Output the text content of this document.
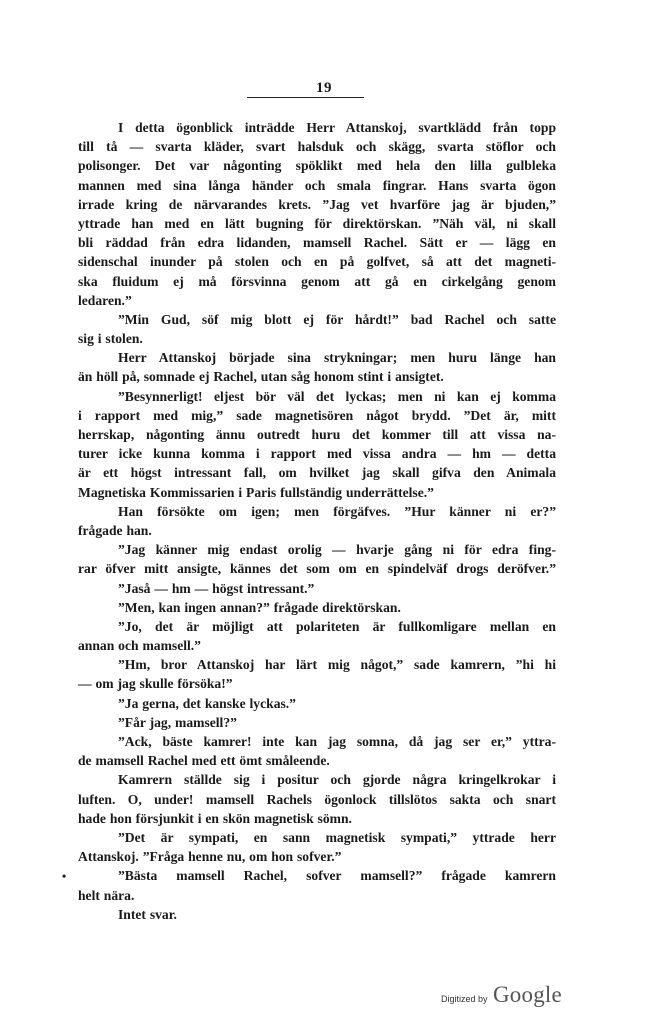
19
I detta ögonblick inträdde Herr Attanskoj, svartklädd från topp
till tå — svarta kläder, svart halsduk och skägg, svarta stöflor och
polisonger. Det var någonting spöklikt med hela den lilla gulbleka
mannen med sina långa händer och smala fingrar. Hans svarta ögon
irrade kring de närvarandes krets. ”Jag vet hvarföre jag är bjuden,”
yttrade han med en lätt bugning för direktörskan. ”Näh väl, ni skall
bli räddad från edra lidanden, mamsell Rachel. Sätt er — lägg en
sidenschal inunder på stolen och en på golfvet, så att det magneti-
ska fluidum ej må försvinna genom att gå en cirkelgång genom
ledaren.”
”Min Gud, söf mig blott ej för hårdt!” bad Rachel och satte
sig i stolen.
Herr Attanskoj började sina strykningar; men huru länge han
än höll på, somnade ej Rachel, utan såg honom stint i ansigtet.
”Besynnerligt! eljest bör väl det lyckas; men ni kan ej komma
i rapport med mig,” sade magnetisören något brydd. ”Det är, mitt
herrskap, någonting ännu outredt huru det kommer till att vissa na-
turer icke kunna komma i rapport med vissa andra — hm — detta
är ett högst intressant fall, om hvilket jag skall gifva den Animala
Magnetiska Kommissarien i Paris fullständig underrättelse.”
Han försökte om igen; men förgäfves. ”Hur känner ni er?”
frågade han.
”Jag känner mig endast orolig — hvarje gång ni för edra fing-
rar öfver mitt ansigte, kännes det som om en spindelväf drogs deröfver.”
”Jaså — hm — högst intressant.”
”Men, kan ingen annan?” frågade direktörskan.
”Jo, det är möjligt att polariteten är fullkomligare mellan en
annan och mamsell.”
”Hm, bror Attanskoj har lärt mig något,” sade kamrern, ”hi hi
— om jag skulle försöka!”
”Ja gerna, det kanske lyckas.”
”Får jag, mamsell?”
”Ack, bäste kamrer! inte kan jag somna, då jag ser er,” yttra-
de mamsell Rachel med ett ömt småleende.
Kamrern ställde sig i positur och gjorde några kringelkrokar i
luften. O, under! mamsell Rachels ögonlock tillslötos sakta och snart
hade hon försjunkit i en skön magnetisk sömn.
”Det är sympati, en sann magnetisk sympati,” yttrade herr
Attanskoj. ”Fråga henne nu, om hon sofver.”
”Bästa mamsell Rachel, sofver mamsell?” frågade kamrern
helt nära.
Intet svar.
•
Digitized by Google
